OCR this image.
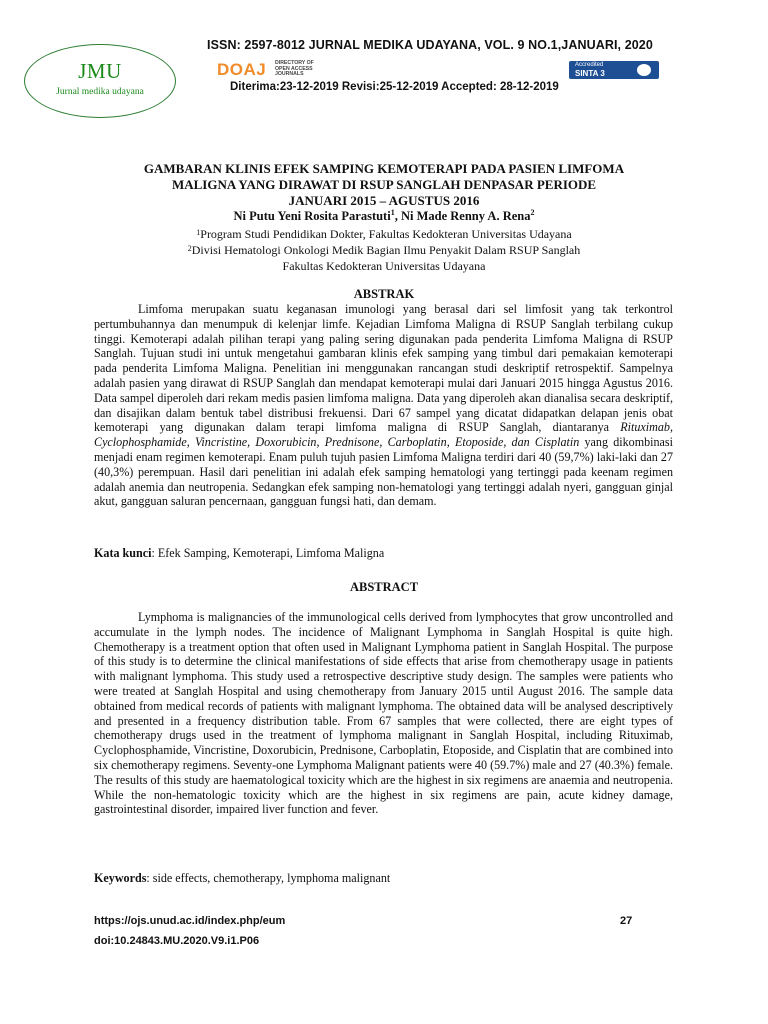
JMU
Jurnal medika udayana
ISSN: 2597-8012 JURNAL MEDIKA UDAYANA, VOL. 9 NO.1,JANUARI, 2020
DOAJ DIRECTORY OF OPEN ACCESS JOURNALS
Accredited
SINTA 3
Diterima:23-12-2019 Revisi:25-12-2019 Accepted: 28-12-2019
GAMBARAN KLINIS EFEK SAMPING KEMOTERAPI PADA PASIEN LIMFOMA
MALIGNA YANG DIRAWAT DI RSUP SANGLAH DENPASAR PERIODE
JANUARI 2015 – AGUSTUS 2016
Ni Putu Yeni Rosita Parastuti$^1$, Ni Made Renny A. Rena$^2$
$^1$Program Studi Pendidikan Dokter, Fakultas Kedokteran Universitas Udayana
$^2$Divisi Hematologi Onkologi Medik Bagian Ilmu Penyakit Dalam RSUP Sanglah
Fakultas Kedokteran Universitas Udayana
ABSTRAK

Limfoma merupakan suatu keganasan imunologi yang berasal dari sel limfosit yang tak terkontrol pertumbuhannya dan menumpuk di kelenjar limfe. Kejadian Limfoma Maligna di RSUP Sanglah terbilang cukup tinggi. Kemoterapi adalah pilihan terapi yang paling sering digunakan pada penderita Limfoma Maligna di RSUP Sanglah. Tujuan studi ini untuk mengetahui gambaran klinis efek samping yang timbul dari pemakaian kemoterapi pada penderita Limfoma Maligna. Penelitian ini menggunakan rancangan studi deskriptif retrospektif. Sampelnya adalah pasien yang dirawat di RSUP Sanglah dan mendapat kemoterapi mulai dari Januari 2015 hingga Agustus 2016. Data sampel diperoleh dari rekam medis pasien limfoma maligna. Data yang diperoleh akan dianalisa secara deskriptif, dan disajikan dalam bentuk tabel distribusi frekuensi. Dari 67 sampel yang dicatat didapatkan delapan jenis obat kemoterapi yang digunakan dalam terapi limfoma maligna di RSUP Sanglah, diantaranya Rituximab, Cyclophosphamide, Vincristine, Doxorubicin, Prednisone, Carboplatin, Etoposide, dan Cisplatin yang dikombinasi menjadi enam regimen kemoterapi. Enam puluh tujuh pasien Limfoma Maligna terdiri dari 40 (59,7%) laki-laki dan 27 (40,3%) perempuan. Hasil dari penelitian ini adalah efek samping hematologi yang tertinggi pada keenam regimen adalah anemia dan neutropenia. Sedangkan efek samping non-hematologi yang tertinggi adalah nyeri, gangguan ginjal akut, gangguan saluran pencernaan, gangguan fungsi hati, dan demam.

Kata kunci: Efek Samping, Kemoterapi, Limfoma Maligna
ABSTRACT

Lymphoma is malignancies of the immunological cells derived from lymphocytes that grow uncontrolled and accumulate in the lymph nodes. The incidence of Malignant Lymphoma in Sanglah Hospital is quite high. Chemotherapy is a treatment option that often used in Malignant Lymphoma patient in Sanglah Hospital. The purpose of this study is to determine the clinical manifestations of side effects that arise from chemotherapy usage in patients with malignant lymphoma. This study used a retrospective descriptive study design. The samples were patients who were treated at Sanglah Hospital and using chemotherapy from January 2015 until August 2016. The sample data obtained from medical records of patients with malignant lymphoma. The obtained data will be analysed descriptively and presented in a frequency distribution table. From 67 samples that were collected, there are eight types of chemotherapy drugs used in the treatment of lymphoma malignant in Sanglah Hospital, including Rituximab, Cyclophosphamide, Vincristine, Doxorubicin, Prednisone, Carboplatin, Etoposide, and Cisplatin that are combined into six chemotherapy regimens. Seventy-one Lymphoma Malignant patients were 40 (59.7%) male and 27 (40.3%) female. The results of this study are haematological toxicity which are the highest in six regimens are anaemia and neutropenia. While the non-hematologic toxicity which are the highest in six regimens are pain, acute kidney damage, gastrointestinal disorder, impaired liver function and fever.

Keywords: side effects, chemotherapy, lymphoma malignant
https://ojs.unud.ac.id/index.php/eum
doi:10.24843.MU.2020.V9.i1.P06
27
